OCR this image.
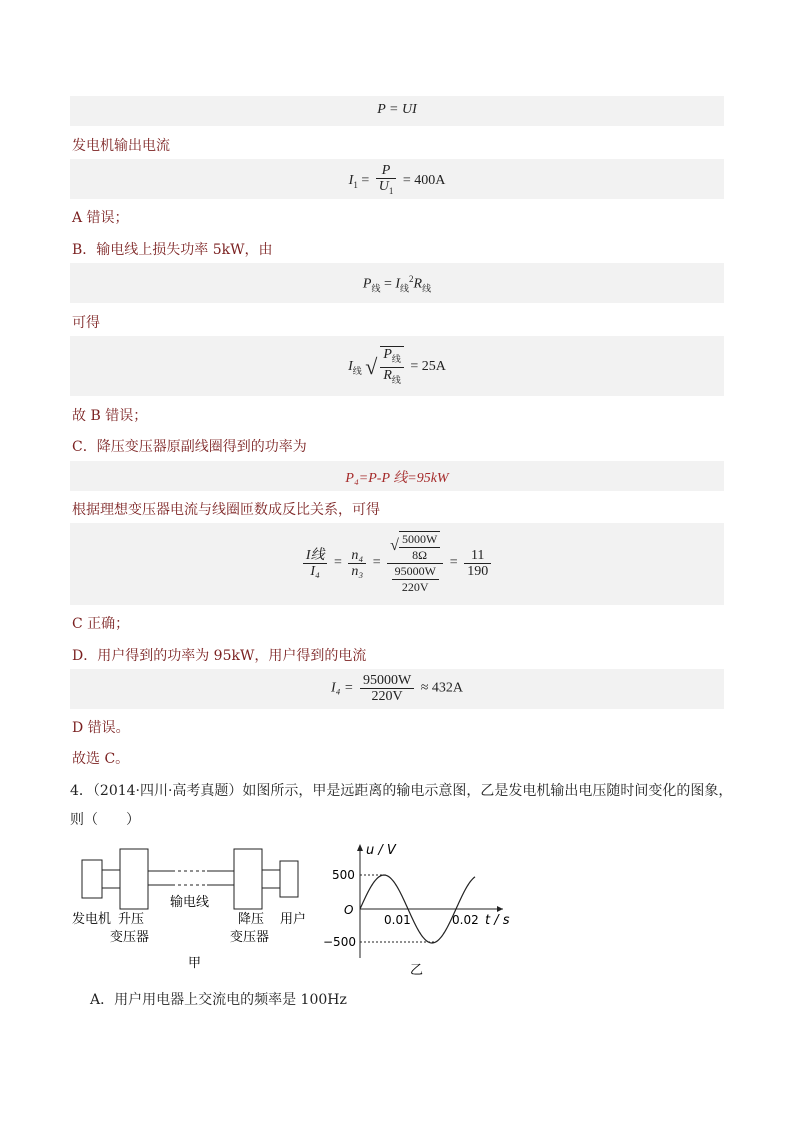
P = UI
发电机输出电流
$I_1 = \frac{P}{U_1} = 400A$
A 错误；
B．输电线上损失功率 5kW，由
$P_线 = I_线^2R_线$
可得
$I_线$ √ $\frac{P_线}{R_线} = 25A$
故 B 错误；
C．降压变压器原副线圈得到的功率为
P₄=P-P 线=95kW
根据理想变压器电流与线圈匝数成反比关系，可得
$\frac{\text{I线}}{\text{I₄}} = \frac{\text{n₄}}{\text{n₃}} = \frac{√ \frac{5000W}{8\Omega}}{\frac{95000W}{220V}} = \frac{11}{190}$
C 正确；
D．用户得到的功率为 95kW，用户得到的电流
$I_4 = \frac{95000W}{220V} \approx 432A$
D 错误。
故选 C。
4．（2014·四川·高考真题）如图所示，甲是远距离的输电示意图，乙是发电机输出电压随时间变化的图象，
则（　　）
发电机 升压
变压器
输电线
降压
变压器
用户
甲
u / V
500
O
−500
0.01	0.02 t / s
乙
A．用户用电器上交流电的频率是 100Hz
